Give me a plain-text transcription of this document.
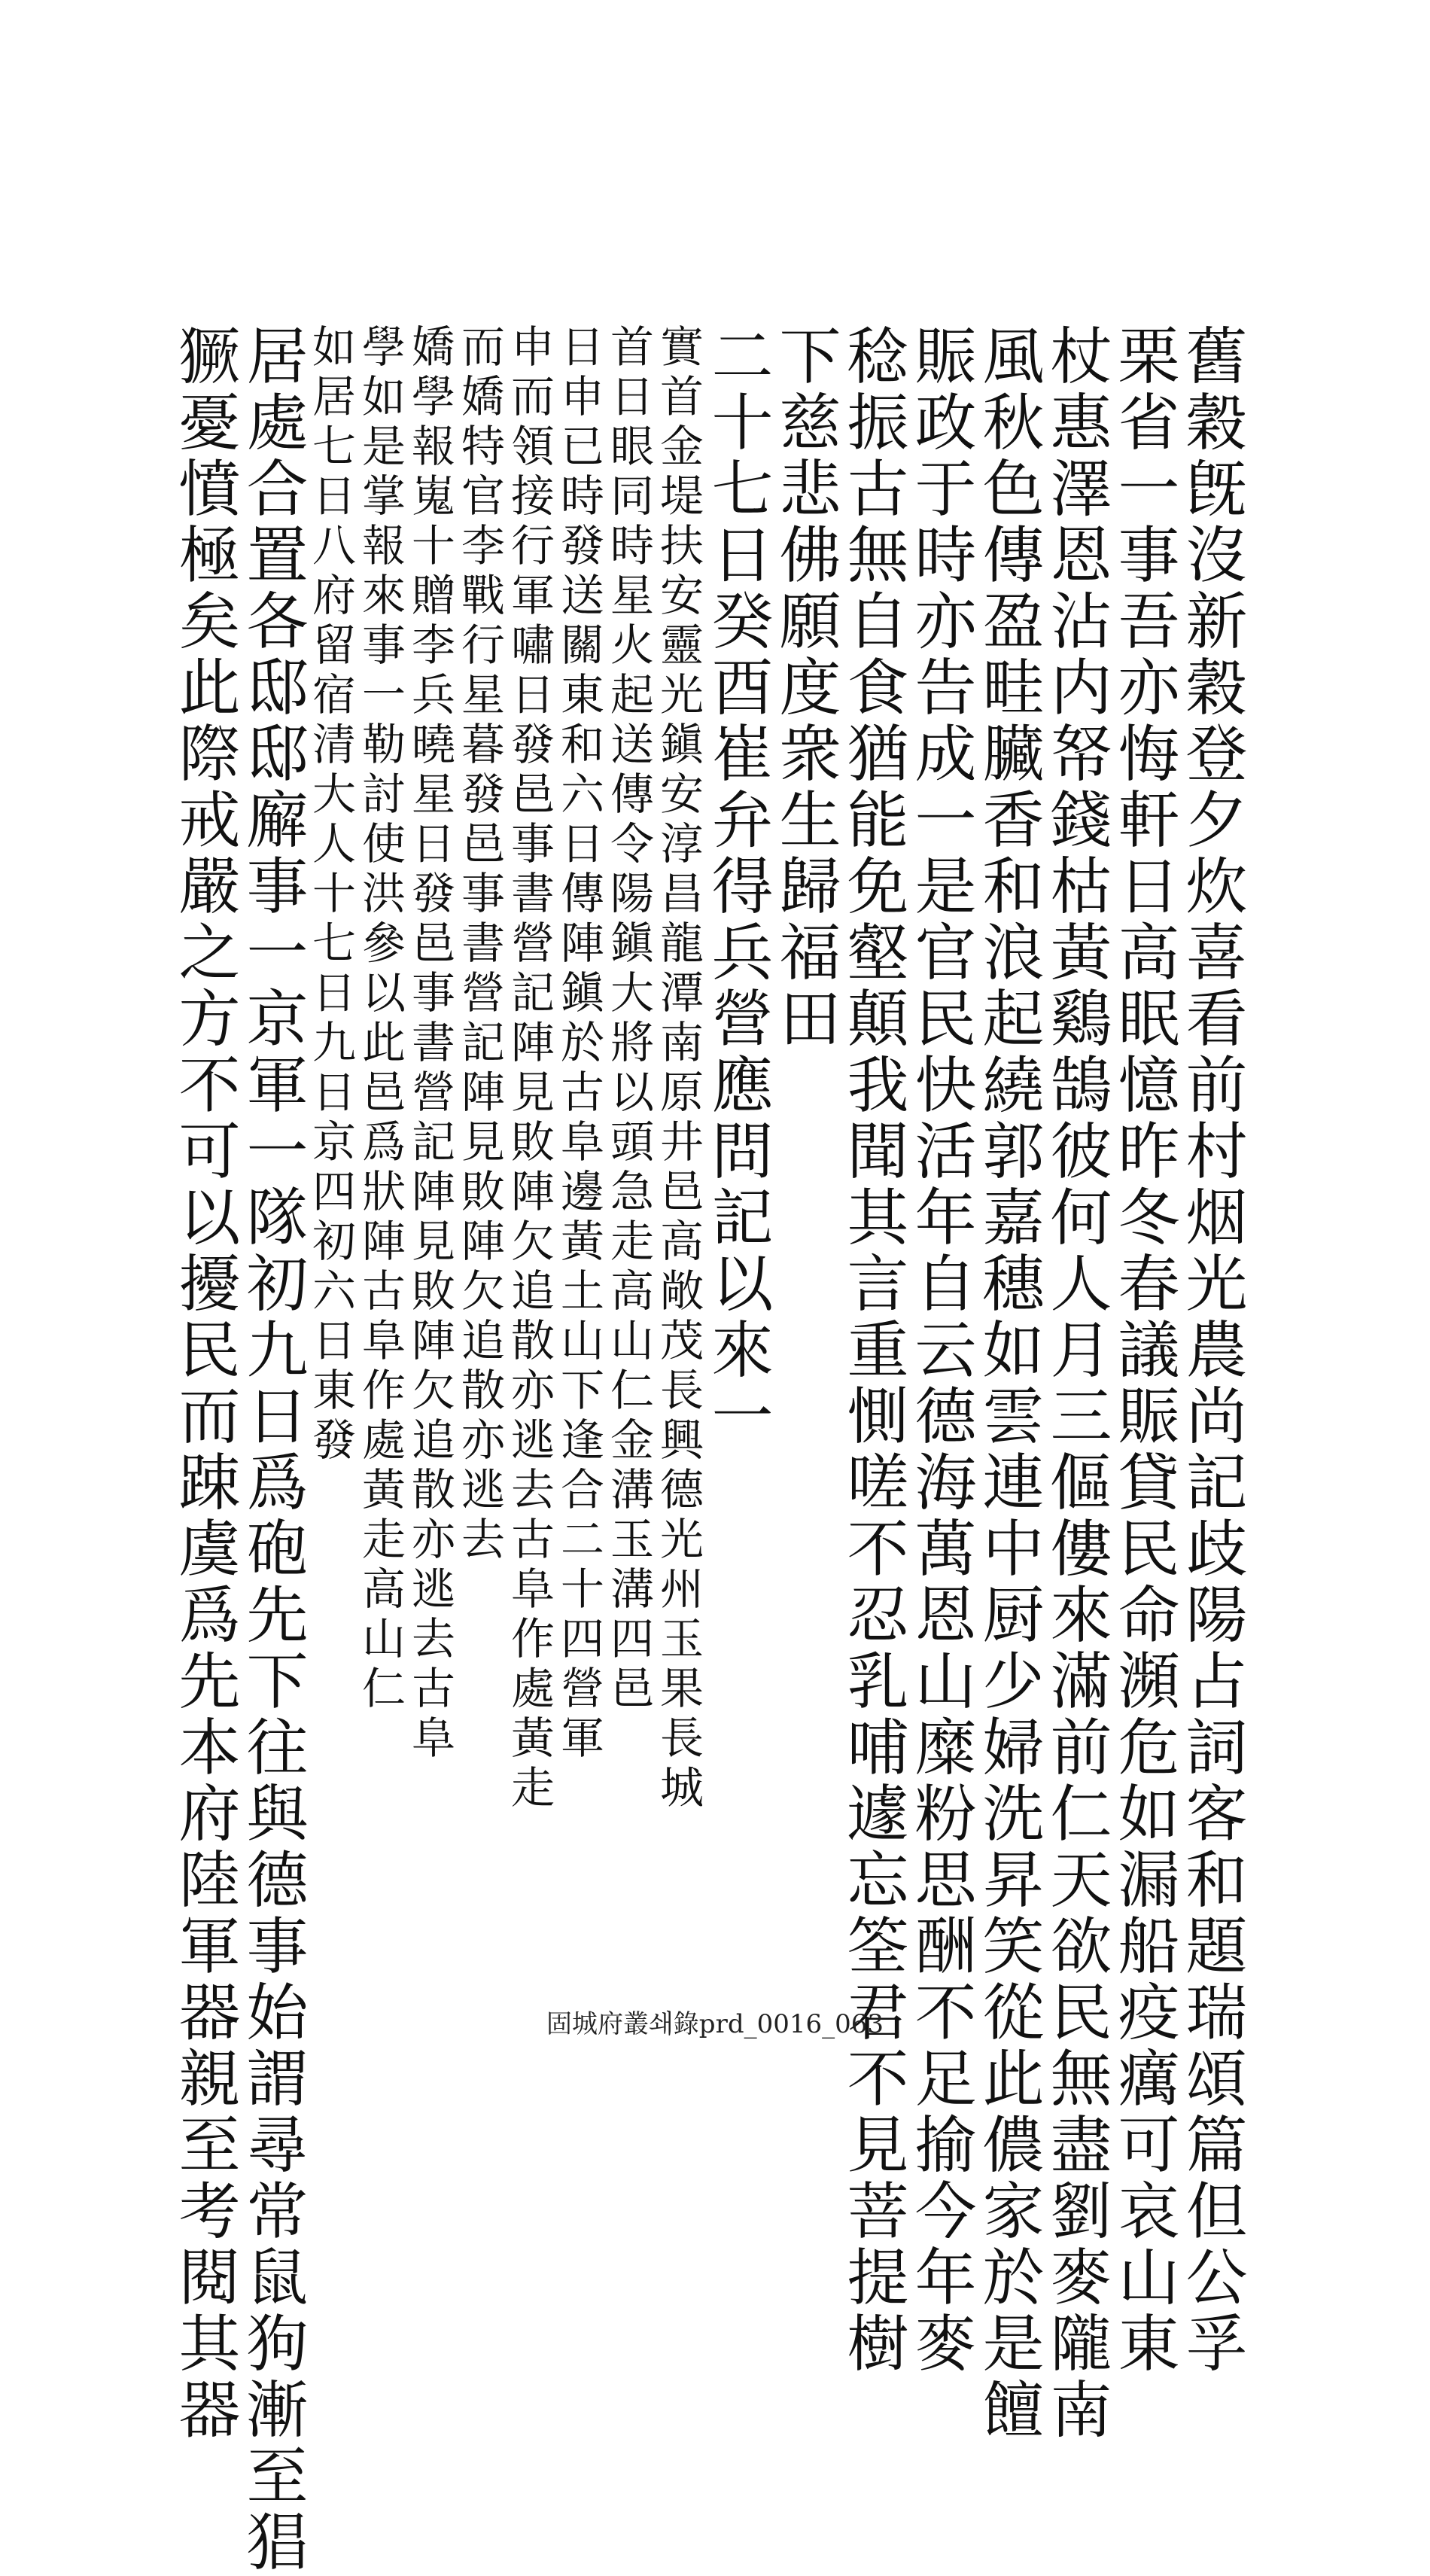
舊穀旣沒新穀登夕炊喜看前村烟光農尚記歧陽占詞客和題瑞頌篇但公孚
栗省一事吾亦悔軒日高眠憶昨冬春議賑貸民命瀕危如漏船疫癘可哀山東
杖惠澤恩沾内帑錢枯黃鷄鵠彼何人月三傴僂來滿前仁天欲民無盡劉麥隴南
風秋色傳盈畦臟香和浪起繞郭嘉穗如雲連中厨少婦洗昇笑從此儂家於是饘
賑政于時亦告成一是官民快活年自云德海萬恩山糜粉思酬不足揄今年麥
稔振古無自食猶能免壑顛我聞其言重惻嗟不忍乳哺遽忘筌君不見菩提樹
下慈悲佛願度衆生歸福田
二十七日癸酉崔弁得兵營應問記以來一
實首金堤扶安靈光鎭安淳昌龍潭南原井邑高敞茂長興德光州玉果長城
首日眼同時星火起送傳令陽鎭大將以頭急走高山仁金溝玉溝四邑
日申已時發送關東和六日傳陣鎭於古阜邊黃土山下逢合二十四營軍
申而領接行軍嘯日發邑事書營記陣見敗陣欠追散亦逃去古阜作處黃走
而嬌特官李戰行星暮發邑事書營記陣見敗陣欠追散亦逃去
嬌學報嵬十贈李兵曉星日發邑事書營記陣見敗陣欠追散亦逃去古阜
學如是掌報來事一勒討使洪參以此邑爲狀陣古阜作處黃走高山仁
如居七日八府留宿清大人十七日九日京四初六日東發
居處合置各邸邸廨事一京軍一隊初九日爲砲先下往與德事始謂尋常鼠狗漸至猖
獗憂憤極矣此際戒嚴之方不可以擾民而踈虞爲先本府陸軍器親至考閱其器	固城府叢쇄錄prd_0016_063
